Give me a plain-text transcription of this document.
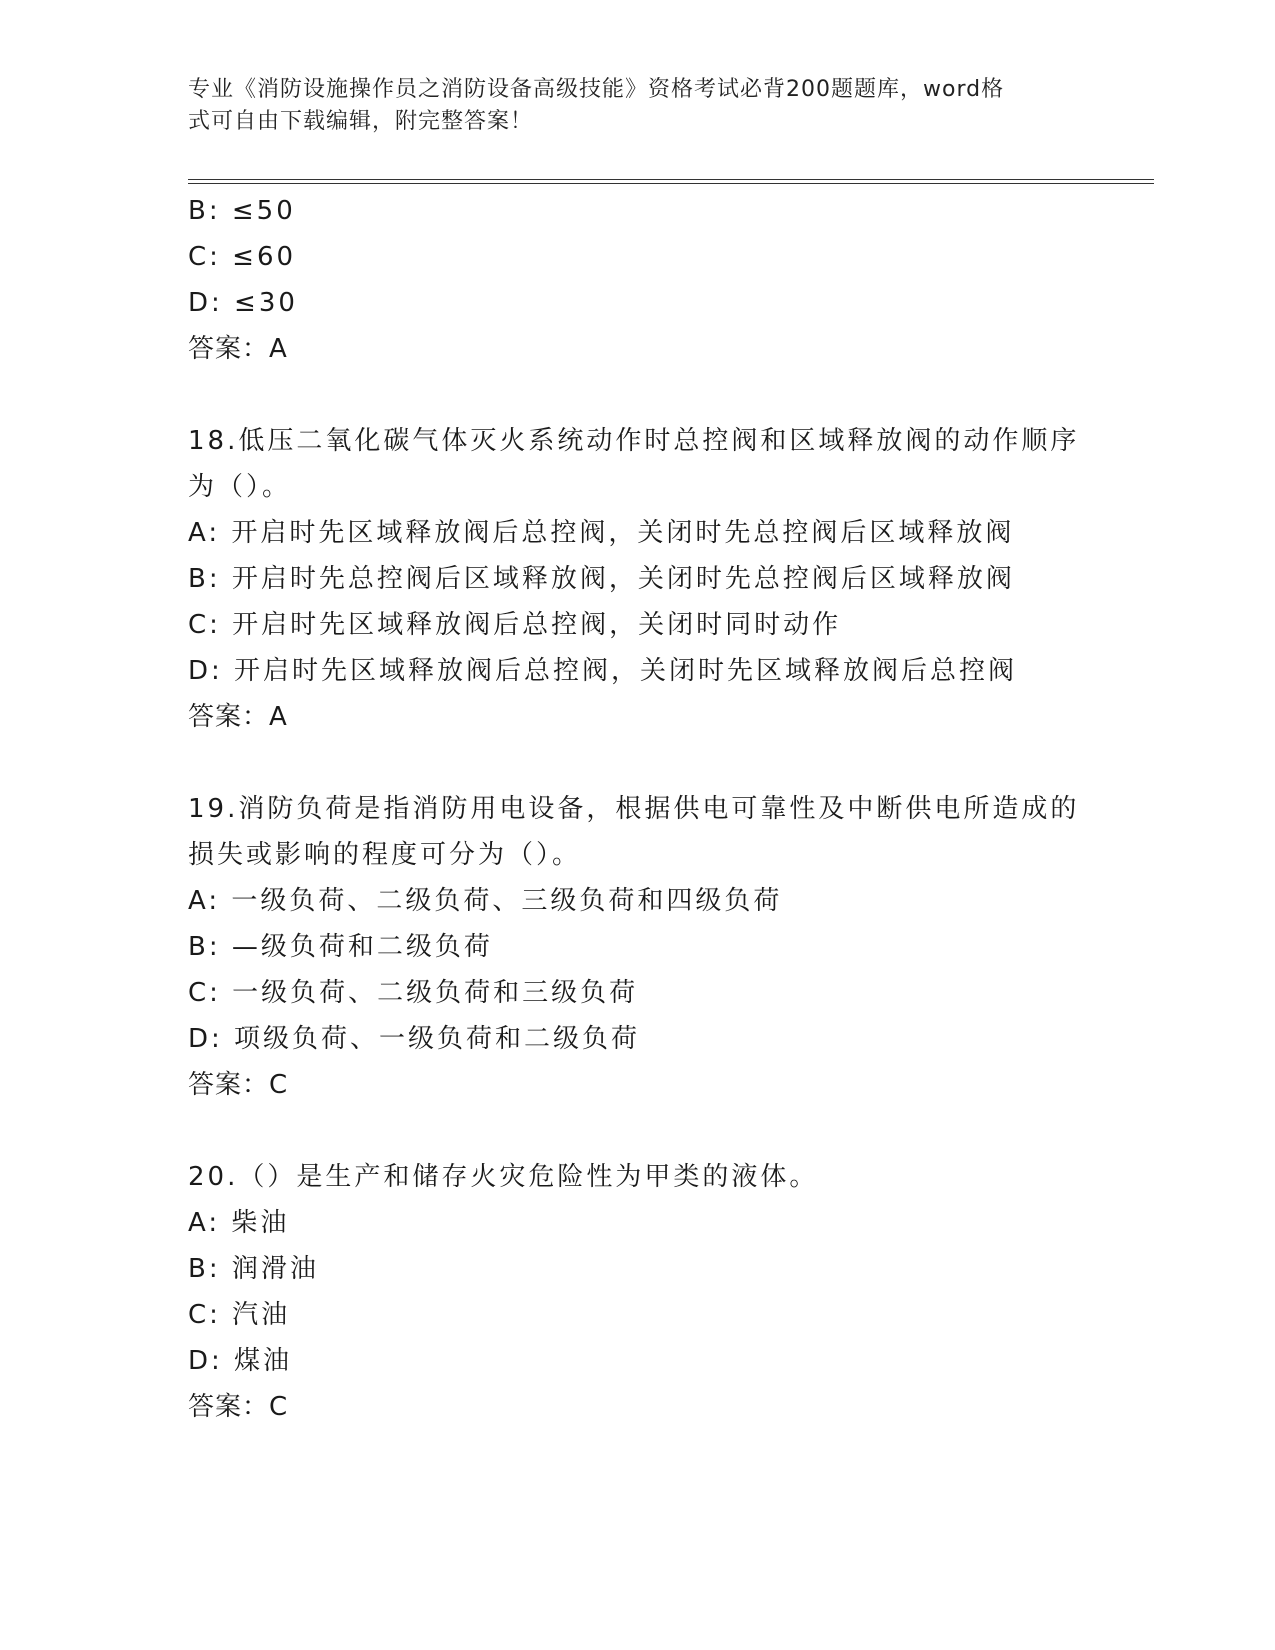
专业《消防设施操作员之消防设备高级技能》资格考试必背200题题库，word格
式可自由下载编辑，附完整答案！
B: ≤50
C: ≤60
D: ≤30
答案：A
18.低压二氧化碳气体灭火系统动作时总控阀和区域释放阀的动作顺序
为（）。
A: 开启时先区域释放阀后总控阀，关闭时先总控阀后区域释放阀
B: 开启时先总控阀后区域释放阀，关闭时先总控阀后区域释放阀
C: 开启时先区域释放阀后总控阀，关闭时同时动作
D: 开启时先区域释放阀后总控阀，关闭时先区域释放阀后总控阀
答案：A
19.消防负荷是指消防用电设备，根据供电可靠性及中断供电所造成的
损失或影响的程度可分为（）。
A: 一级负荷、二级负荷、三级负荷和四级负荷
B: —级负荷和二级负荷
C: 一级负荷、二级负荷和三级负荷
D: 项级负荷、一级负荷和二级负荷
答案：C
20.（）是生产和储存火灾危险性为甲类的液体。
A: 柴油
B: 润滑油
C: 汽油
D: 煤油
答案：C
